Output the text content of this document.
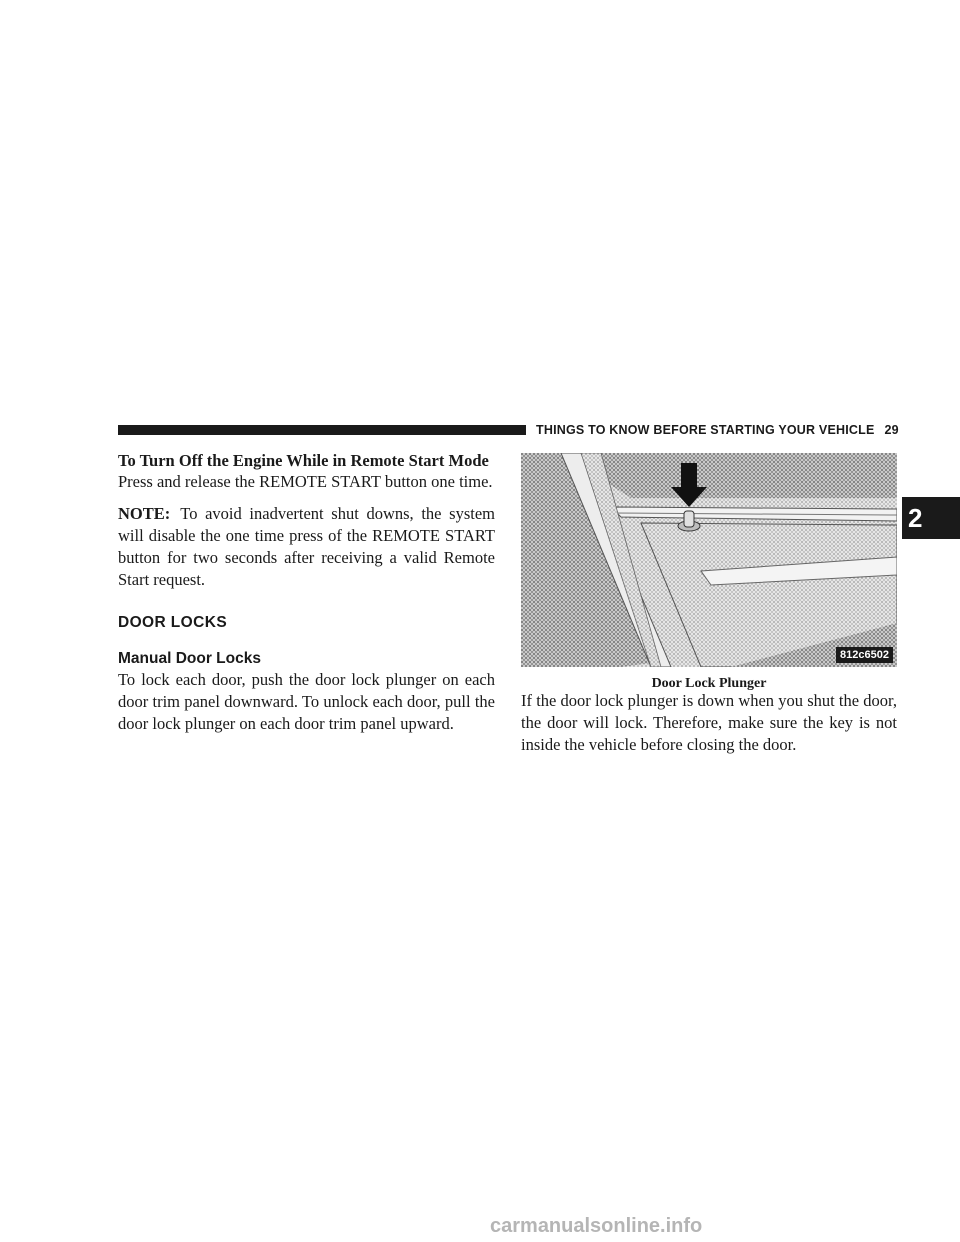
THINGS TO KNOW BEFORE STARTING YOUR VEHICLE 29
2

To Turn Off the Engine While in Remote Start Mode

Press and release the REMOTE START button one time.

NOTE: To avoid inadvertent shut downs, the system will disable the one time press of the REMOTE START button for two seconds after receiving a valid Remote Start request.

DOOR LOCKS
Manual Door Locks

To lock each door, push the door lock plunger on each door trim panel downward. To unlock each door, pull the door lock plunger on each door trim panel upward.

812c6502
Door Lock Plunger

If the door lock plunger is down when you shut the door, the door will lock. Therefore, make sure the key is not inside the vehicle before closing the door.

carmanualsonline.info
